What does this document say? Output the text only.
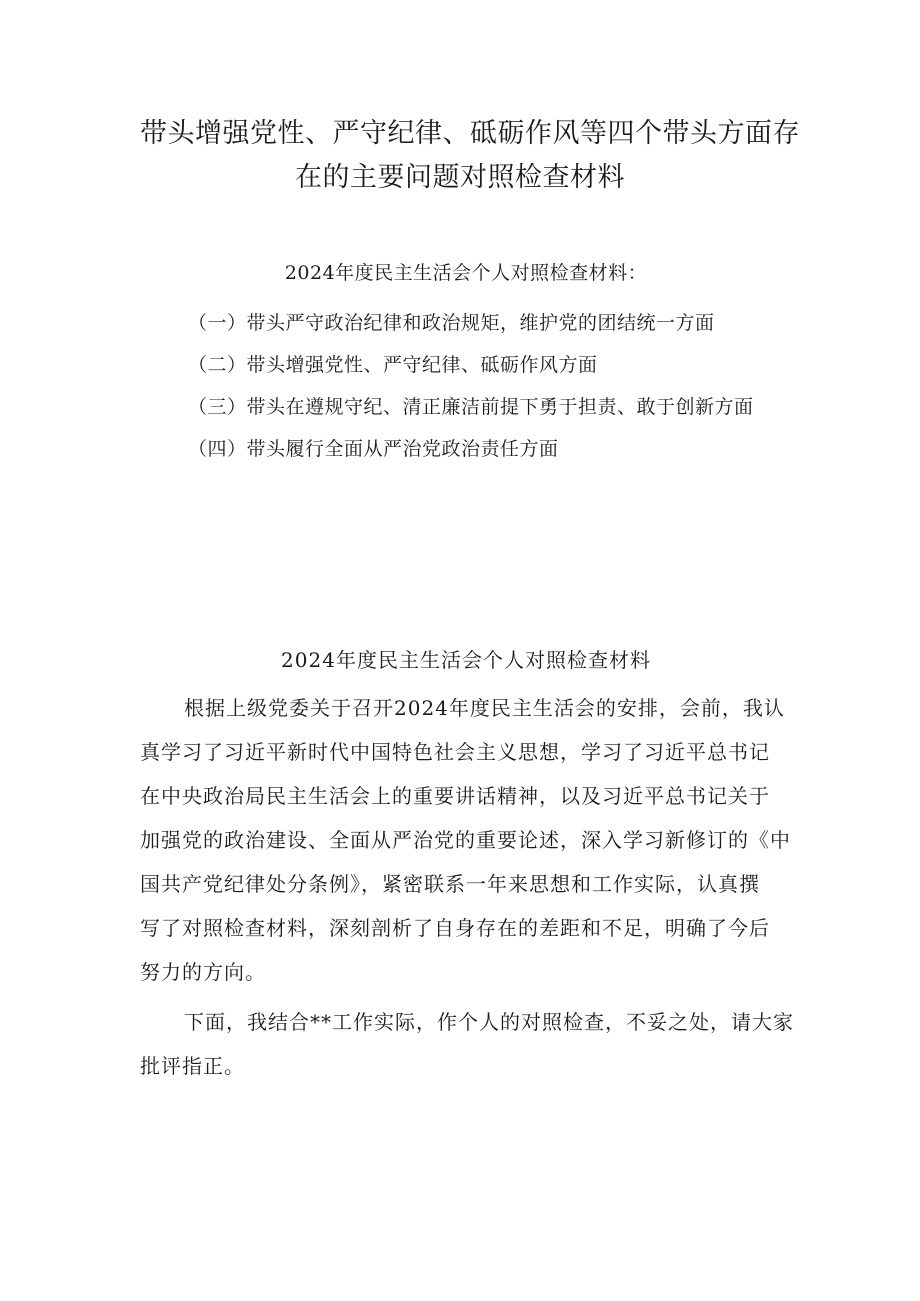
带头增强党性、严守纪律、砥砺作风等四个带头方面存
在的主要问题对照检查材料
2024年度民主生活会个人对照检查材料：

（一）带头严守政治纪律和政治规矩，维护党的团结统一方面

（二）带头增强党性、严守纪律、砥砺作风方面

（三）带头在遵规守纪、清正廉洁前提下勇于担责、敢于创新方面

（四）带头履行全面从严治党政治责任方面

2024年度民主生活会个人对照检查材料

根据上级党委关于召开2024年度民主生活会的安排，会前，我认
真学习了习近平新时代中国特色社会主义思想，学习了习近平总书记
在中央政治局民主生活会上的重要讲话精神，以及习近平总书记关于
加强党的政治建设、全面从严治党的重要论述，深入学习新修订的《中
国共产党纪律处分条例》，紧密联系一年来思想和工作实际，认真撰
写了对照检查材料，深刻剖析了自身存在的差距和不足，明确了今后
努力的方向。

下面，我结合**工作实际，作个人的对照检查，不妥之处，请大家
批评指正。
